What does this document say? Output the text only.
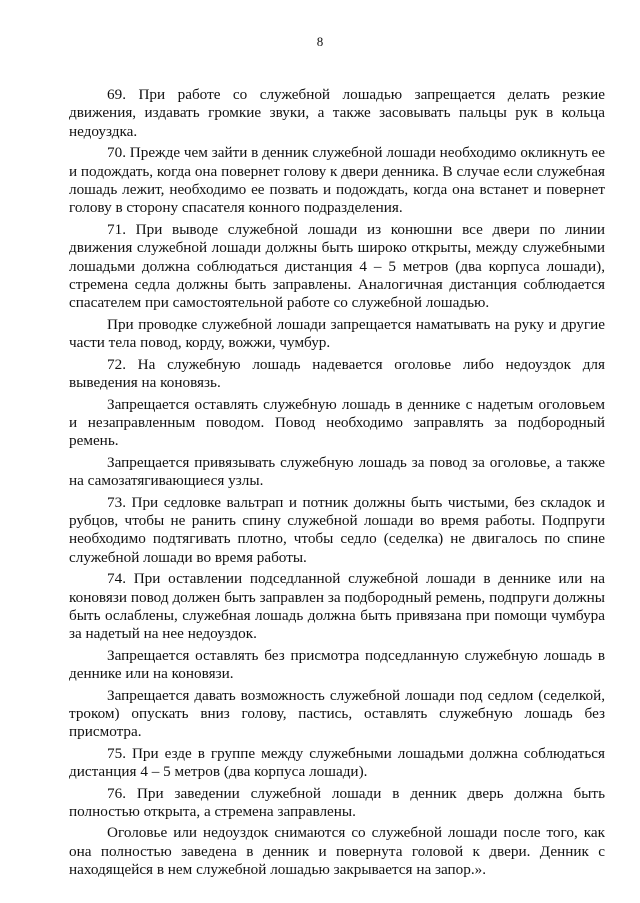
8

69. При работе со служебной лошадью запрещается делать резкие движения, издавать громкие звуки, а также засовывать пальцы рук в кольца недоуздка.

70. Прежде чем зайти в денник служебной лошади необходимо окликнуть ее и подождать, когда она повернет голову к двери денника. В случае если служебная лошадь лежит, необходимо ее позвать и подождать, когда она встанет и повернет голову в сторону спасателя конного подразделения.

71. При выводе служебной лошади из конюшни все двери по линии движения служебной лошади должны быть широко открыты, между служебными лошадьми должна соблюдаться дистанция 4 – 5 метров (два корпуса лошади), стремена седла должны быть заправлены. Аналогичная дистанция соблюдается спасателем при самостоятельной работе со служебной лошадью.

При проводке служебной лошади запрещается наматывать на руку и другие части тела повод, корду, вожжи, чумбур.

72. На служебную лошадь надевается оголовье либо недоуздок для выведения на коновязь.

Запрещается оставлять служебную лошадь в деннике с надетым оголовьем и незаправленным поводом. Повод необходимо заправлять за подбородный ремень.

Запрещается привязывать служебную лошадь за повод за оголовье, а также на самозатягивающиеся узлы.

73. При седловке вальтрап и потник должны быть чистыми, без складок и рубцов, чтобы не ранить спину служебной лошади во время работы. Подпруги необходимо подтягивать плотно, чтобы седло (седелка) не двигалось по спине служебной лошади во время работы.

74. При оставлении подседланной служебной лошади в деннике или на коновязи повод должен быть заправлен за подбородный ремень, подпруги должны быть ослаблены, служебная лошадь должна быть привязана при помощи чумбура за надетый на нее недоуздок.

Запрещается оставлять без присмотра подседланную служебную лошадь в деннике или на коновязи.

Запрещается давать возможность служебной лошади под седлом (седелкой, троком) опускать вниз голову, пастись, оставлять служебную лошадь без присмотра.

75. При езде в группе между служебными лошадьми должна соблюдаться дистанция 4 – 5 метров (два корпуса лошади).

76. При заведении служебной лошади в денник дверь должна быть полностью открыта, а стремена заправлены.

Оголовье или недоуздок снимаются со служебной лошади после того, как она полностью заведена в денник и повернута головой к двери. Денник с находящейся в нем служебной лошадью закрывается на запор.».
